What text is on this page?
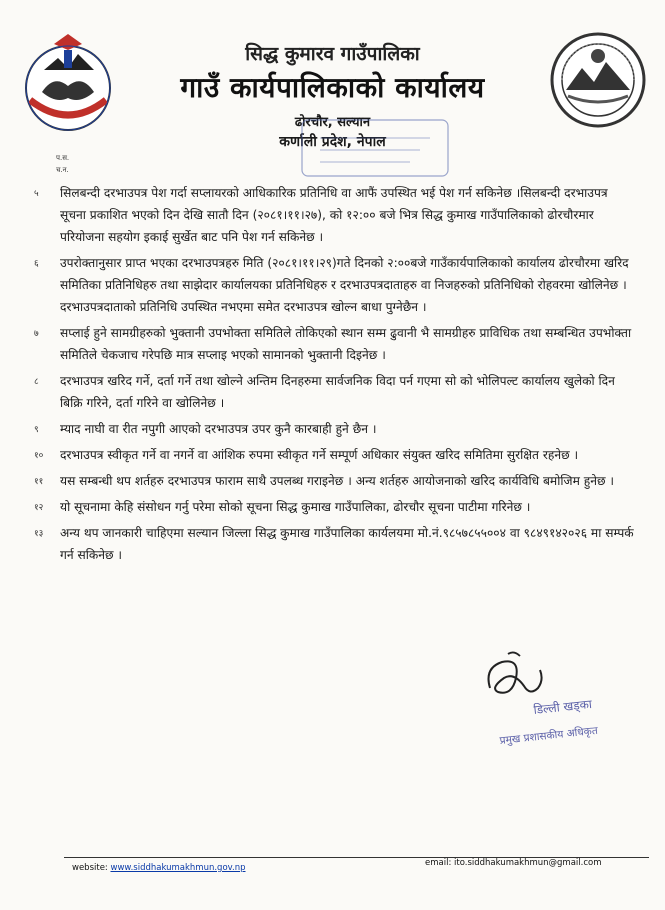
सिद्ध कुमारव गाउँपालिका
गाउँ कार्यपालिकाको कार्यालय
ढोरचौर, सल्यान
कर्णाली प्रदेश, नेपाल
प.स.
च.न.
५ सिलबन्दी दरभाउपत्र पेश गर्दा सप्लायरको आधिकारिक प्रतिनिधि वा आफैं उपस्थित भई पेश गर्न सकिनेछ ।सिलबन्दी दरभाउपत्र सूचना प्रकाशित भएको दिन देखि सातौ दिन (२०८१।११।२७), को १२:०० बजे भित्र सिद्ध कुमाख गाउँपालिकाको ढोरचौरमार परियोजना सहयोग इकाई सुर्खेत बाट पनि पेश गर्न सकिनेछ ।
६ उपरोक्तानुसार प्राप्त भएका दरभाउपत्रहरु मिति (२०८१।११।२९)गते दिनको २:००बजे गाउँकार्यपालिकाको कार्यालय ढोरचौरमा खरिद समितिका प्रतिनिधिहरु तथा साझेदार कार्यालयका प्रतिनिधिहरु र दरभाउपत्रदाताहरु वा निजहरुको प्रतिनिधिको रोहवरमा खोलिनेछ । दरभाउपत्रदाताको प्रतिनिधि उपस्थित नभएमा समेत दरभाउपत्र खोल्न बाधा पुग्नेछैन ।
७ सप्लाई हुने सामग्रीहरुको भुक्तानी उपभोक्ता समितिले तोकिएको स्थान सम्म ढुवानी भै सामग्रीहरु प्राविधिक तथा सम्बन्धित उपभोक्ता समितिले चेकजाच गरेपछि मात्र सप्लाइ भएको सामानको भुक्तानी दिइनेछ ।
८ दरभाउपत्र खरिद गर्ने, दर्ता गर्ने तथा खोल्ने अन्तिम दिनहरुमा सार्वजनिक विदा पर्न गएमा सो को भोलिपल्ट कार्यालय खुलेको दिन बिक्रि गरिने, दर्ता गरिने वा खोलिनेछ ।
९ म्याद नाघी वा रीत नपुगी आएको दरभाउपत्र उपर कुनै कारबाही हुने छैन ।
१० दरभाउपत्र स्वीकृत गर्ने वा नगर्ने वा आंशिक रुपमा स्वीकृत गर्ने सम्पूर्ण अधिकार संयुक्त खरिद समितिमा सुरक्षित रहनेछ ।
११ यस सम्बन्धी थप शर्तहरु दरभाउपत्र फाराम साथै उपलब्ध गराइनेछ । अन्य शर्तहरु आयोजनाको खरिद कार्यविधि बमोजिम हुनेछ ।
१२ यो सूचनामा केहि संसोधन गर्नु परेमा सोको सूचना सिद्ध कुमाख गाउँपालिका, ढोरचौर सूचना पाटीमा गरिनेछ ।
१३ अन्य थप जानकारी चाहिएमा सल्यान जिल्ला सिद्ध कुमाख गाउँपालिका कार्यलयमा मो.नं.९८५७८५५००४ वा ९८४९१४२०२६ मा सम्पर्क गर्न सकिनेछ ।
डिल्ली खड्का
प्रमुख प्रशासकीय अधिकृत
website: www.siddhakumakhmun.gov.np	email: ito.siddhakumakhmun@gmail.com
